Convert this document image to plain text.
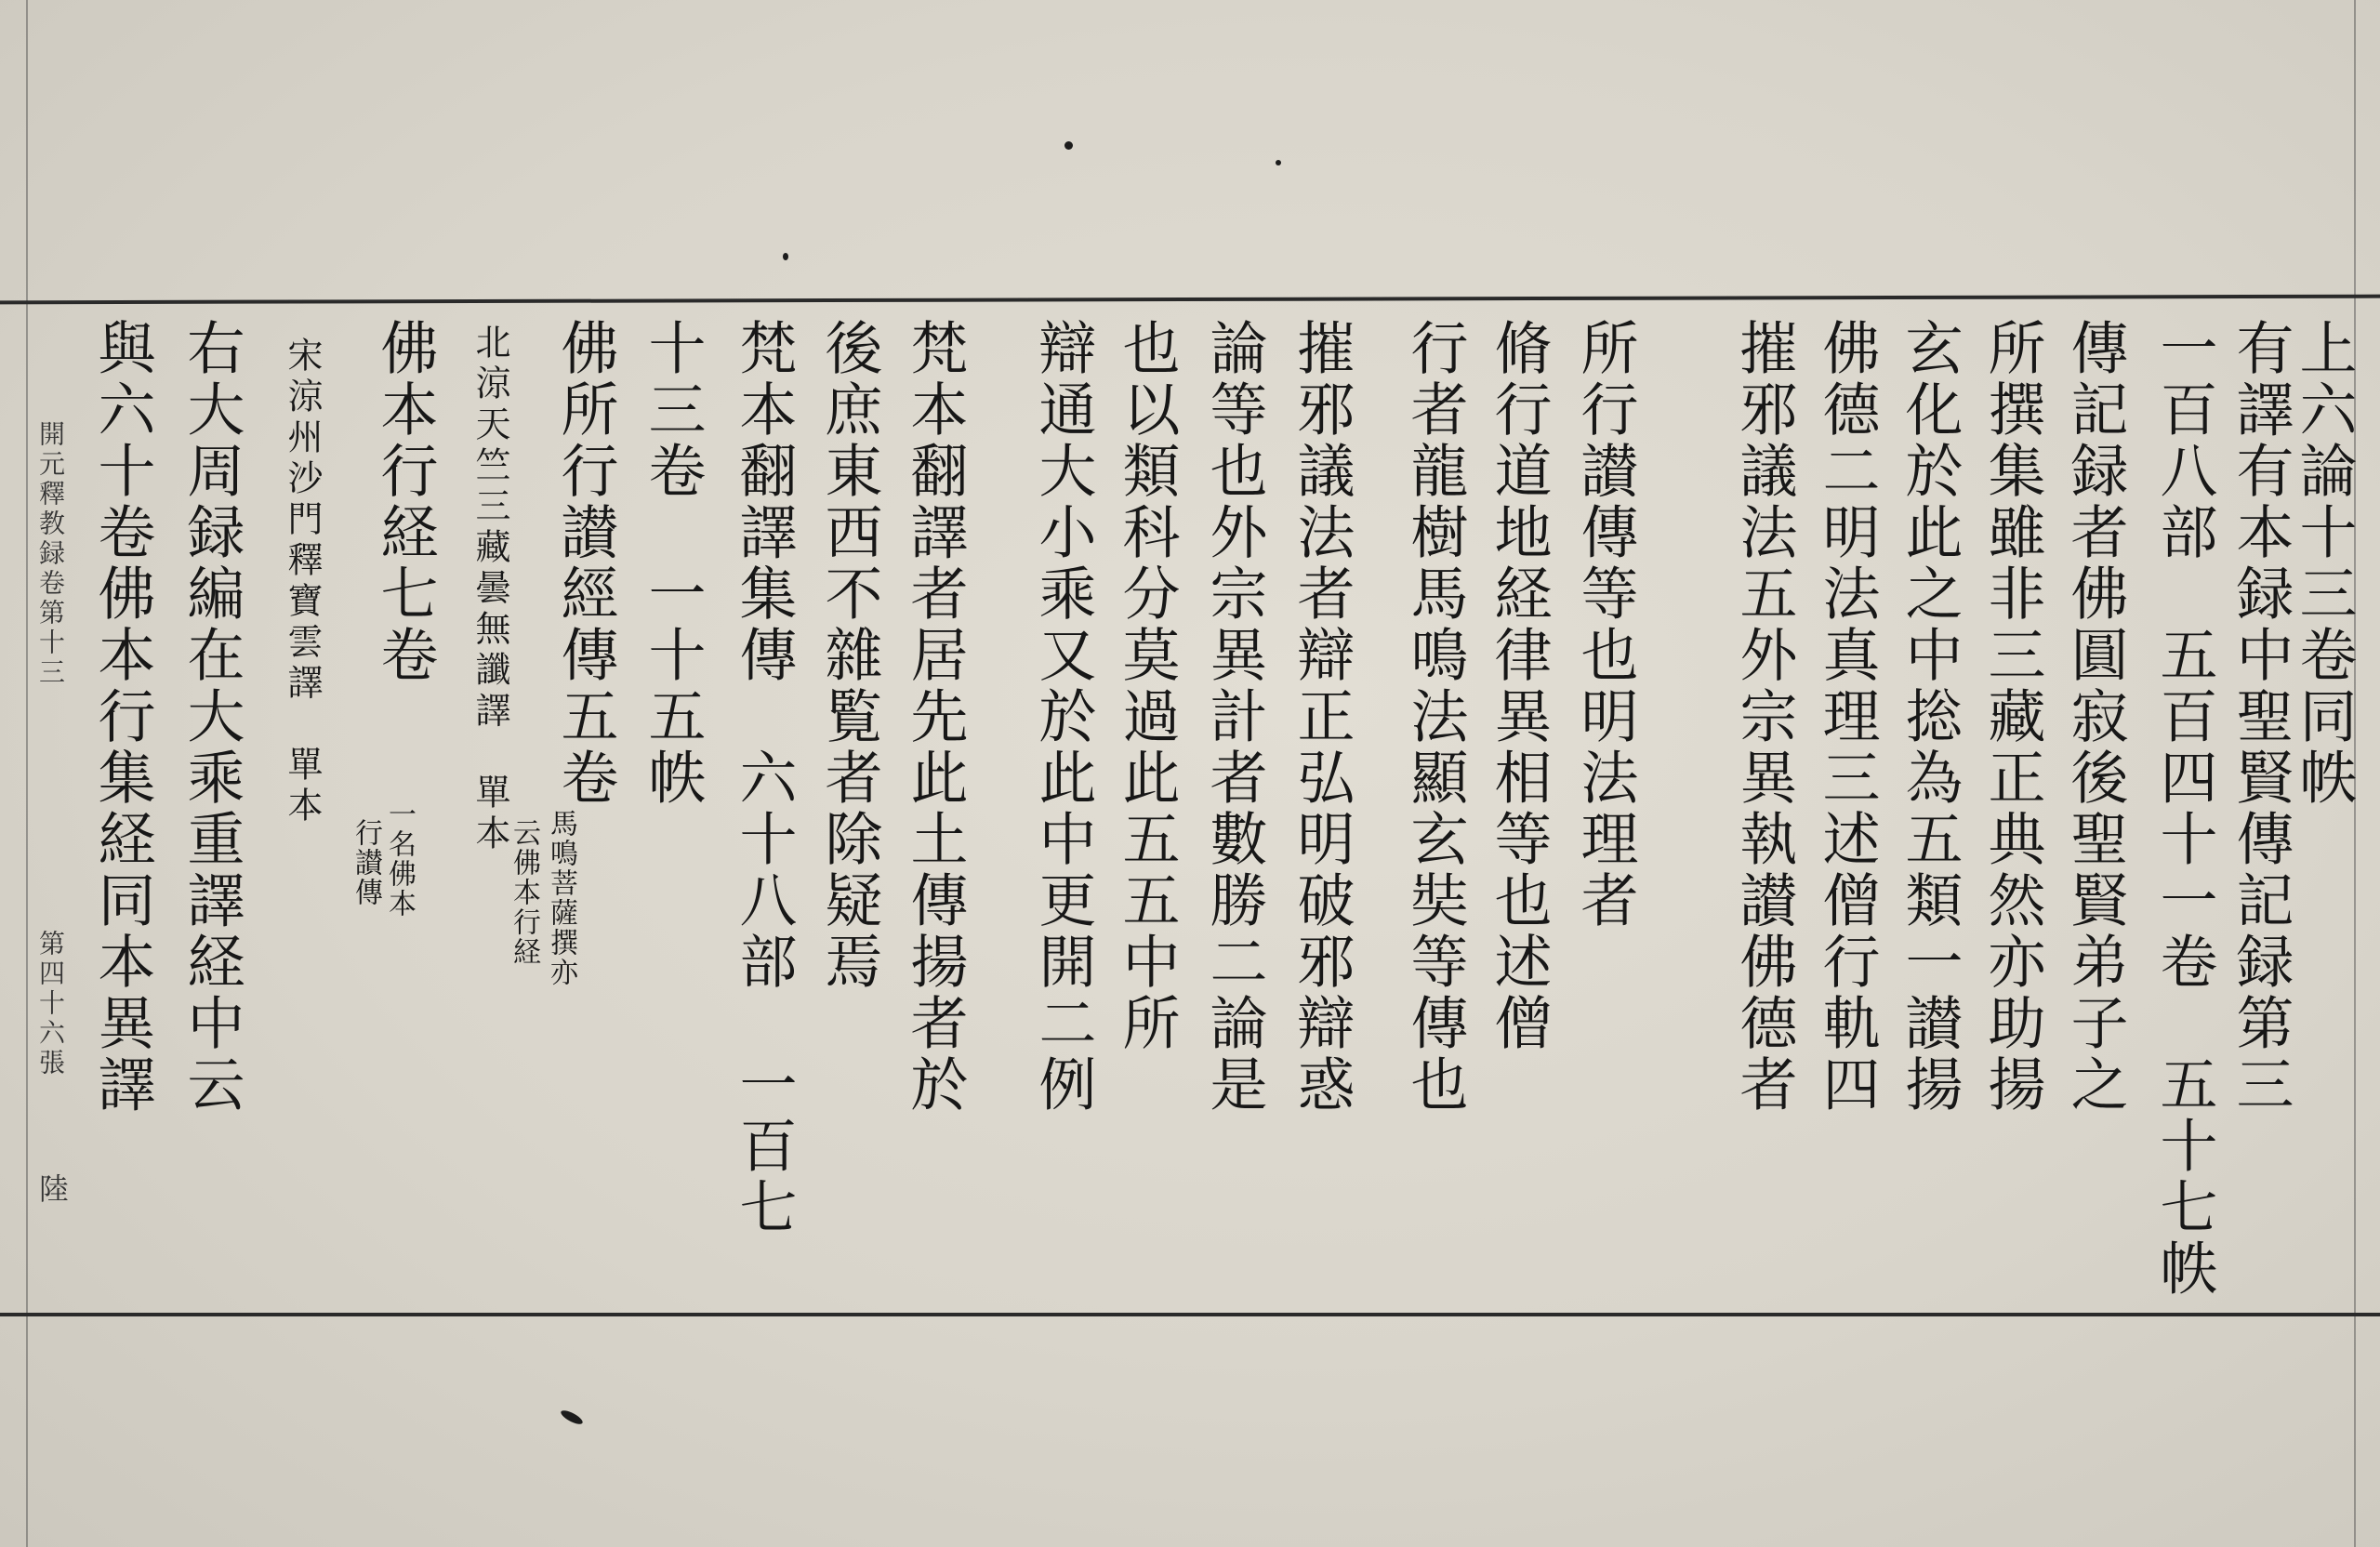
上六論十三卷同帙
有譯有本録中聖賢傳記録第三
一百八部　五百四十一卷　五十七帙
傳記録者佛圓寂後聖賢弟子之
所撰集雖非三藏正典然亦助揚
玄化於此之中捴為五類一讃揚
佛德二明法真理三述僧行軌四
摧邪議法五外宗異執讃佛德者
所行讃傳等也明法理者
脩行道地経律異相等也述僧
行者龍樹馬鳴法顯玄奘等傳也
摧邪議法者辯正弘明破邪辯惑
論等也外宗異計者數勝二論是
也以類科分莫過此五五中所
辯通大小乘又於此中更開二例
梵本翻譯者居先此土傳揚者於
後庶東西不雜覧者除疑焉
梵本翻譯集傳　六十八部　一百七
十三卷　一十五帙
佛所行讃經傳五卷
馬鳴菩薩撰亦
云佛本行経
北涼天竺三藏曇無讖譯　單本
佛本行経七卷
一名佛本
行讃傳
宋涼州沙門釋寶雲譯　單本
右大周録編在大乘重譯経中云
與六十卷佛本行集経同本異譯
開元釋教録卷第十三
第四十六張
陸
